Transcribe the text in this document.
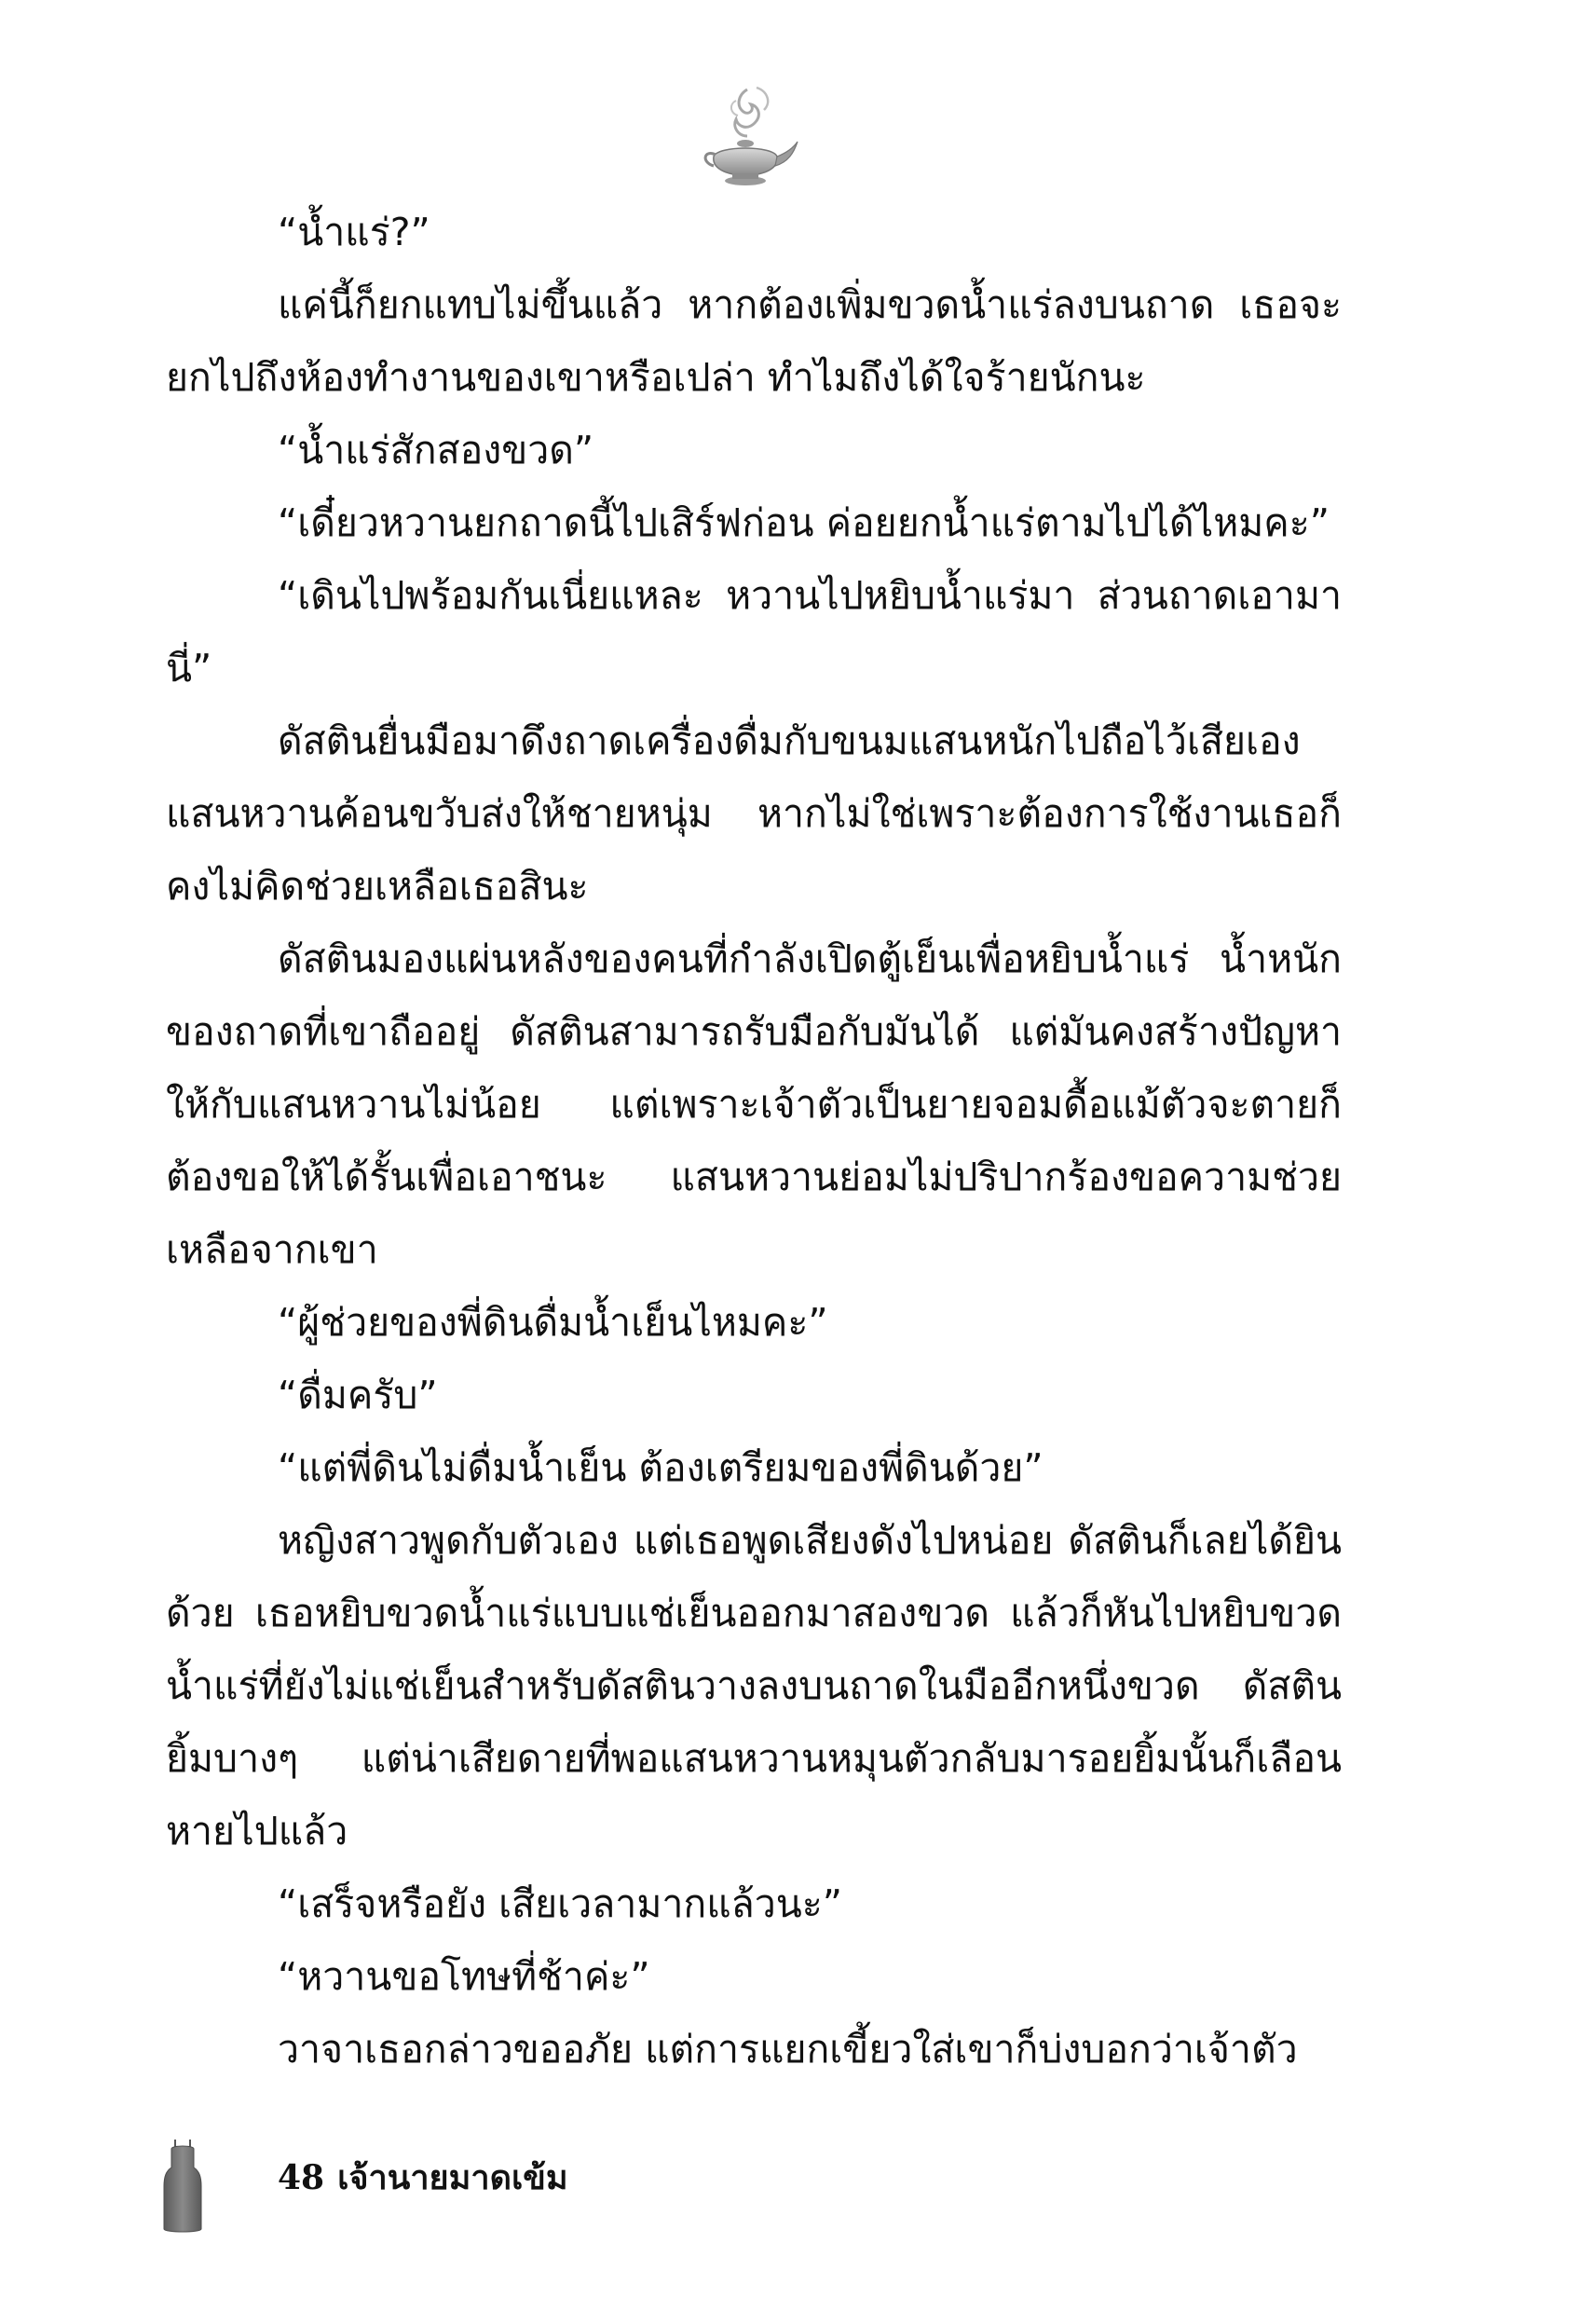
“น้ำแร่?”

แค่นี้ก็ยกแทบไม่ขึ้นแล้ว หากต้องเพิ่มขวดน้ำแร่ลงบนถาด เธอจะยกไปถึงห้องทำงานของเขาหรือเปล่า ทำไมถึงได้ใจร้ายนักนะ

“น้ำแร่สักสองขวด”

“เดี๋ยวหวานยกถาดนี้ไปเสิร์ฟก่อน ค่อยยกน้ำแร่ตามไปได้ไหมคะ”

“เดินไปพร้อมกันเนี่ยแหละ หวานไปหยิบน้ำแร่มา ส่วนถาดเอามานี่”

ดัสตินยื่นมือมาดึงถาดเครื่องดื่มกับขนมแสนหนักไปถือไว้เสียเอง แสนหวานค้อนขวับส่งให้ชายหนุ่ม หากไม่ใช่เพราะต้องการใช้งานเธอก็คงไม่คิดช่วยเหลือเธอสินะ

ดัสตินมองแผ่นหลังของคนที่กำลังเปิดตู้เย็นเพื่อหยิบน้ำแร่ น้ำหนักของถาดที่เขาถืออยู่ ดัสตินสามารถรับมือกับมันได้ แต่มันคงสร้างปัญหาให้กับแสนหวานไม่น้อย แต่เพราะเจ้าตัวเป็นยายจอมดื้อแม้ตัวจะตายก็ต้องขอให้ได้รั้นเพื่อเอาชนะ แสนหวานย่อมไม่ปริปากร้องขอความช่วยเหลือจากเขา

“ผู้ช่วยของพี่ดินดื่มน้ำเย็นไหมคะ”

“ดื่มครับ”

“แต่พี่ดินไม่ดื่มน้ำเย็น ต้องเตรียมของพี่ดินด้วย”

หญิงสาวพูดกับตัวเอง แต่เธอพูดเสียงดังไปหน่อย ดัสตินก็เลยได้ยินด้วย เธอหยิบขวดน้ำแร่แบบแช่เย็นออกมาสองขวด แล้วก็หันไปหยิบขวดน้ำแร่ที่ยังไม่แช่เย็นสำหรับดัสตินวางลงบนถาดในมืออีกหนึ่งขวด ดัสตินยิ้มบางๆ แต่น่าเสียดายที่พอแสนหวานหมุนตัวกลับมารอยยิ้มนั้นก็เลือนหายไปแล้ว

“เสร็จหรือยัง เสียเวลามากแล้วนะ”

“หวานขอโทษที่ช้าค่ะ”

วาจาเธอกล่าวขออภัย แต่การแยกเขี้ยวใส่เขาก็บ่งบอกว่าเจ้าตัว

48 เจ้านายมาดเข้ม
